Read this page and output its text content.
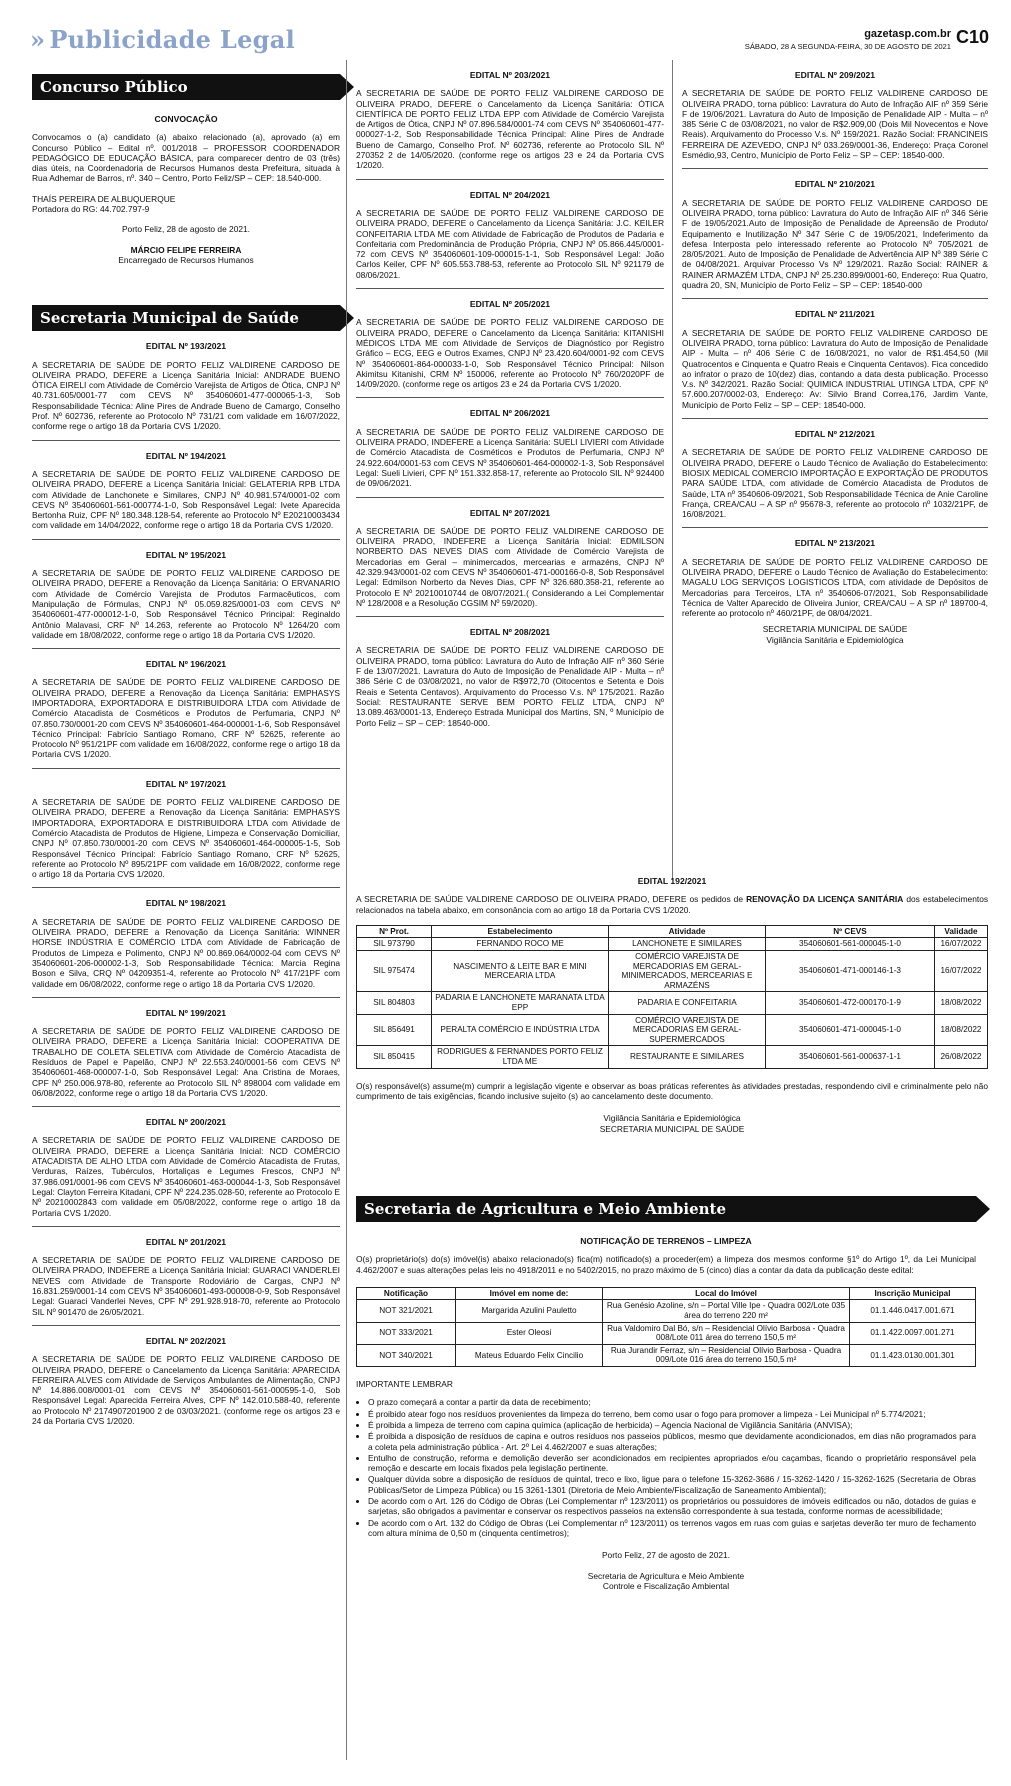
» Publicidade Legal	gazetasp.com.br
SÁBADO, 28 A SEGUNDA-FEIRA, 30 DE AGOSTO DE 2021 C10
Concurso Público
CONVOCAÇÃO
Convocamos o (a) candidato (a) abaixo relacionado (a), aprovado (a) em Concurso Público – Edital nº. 001/2018 – PROFESSOR COORDENADOR PEDAGÓGICO DE EDUCAÇÃO BÁSICA, para comparecer dentro de 03 (três) dias úteis, na Coordenadoria de Recursos Humanos desta Prefeitura, situada à Rua Adhemar de Barros, nº. 340 – Centro, Porto Feliz/SP – CEP: 18.540-000.
THAÍS PEREIRA DE ALBUQUERQUE
Portadora do RG: 44.702.797-9
Porto Feliz, 28 de agosto de 2021.
MÁRCIO FELIPE FERREIRA
Encarregado de Recursos Humanos
Secretaria Municipal de Saúde
EDITAL Nº 193/2021
A SECRETARIA DE SAÚDE DE PORTO FELIZ VALDIRENE CARDOSO DE OLIVEIRA PRADO, DEFERE a Licença Sanitária Inicial: ANDRADE BUENO ÓTICA EIRELI com Atividade de Comércio Varejista de Artigos de Ótica, CNPJ Nº 40.731.605/0001-77 com CEVS Nº 354060601-477-000065-1-3, Sob Responsabilidade Técnica: Aline Pires de Andrade Bueno de Camargo, Conselho Prof. Nº 602736, referente ao Protocolo Nº 731/21 com validade em 16/07/2022, conforme rege o artigo 18 da Portaria CVS 1/2020.
EDITAL Nº 194/2021
A SECRETARIA DE SAÚDE DE PORTO FELIZ VALDIRENE CARDOSO DE OLIVEIRA PRADO, DEFERE a Licença Sanitária Inicial: GELATERIA RPB LTDA com Atividade de Lanchonete e Similares, CNPJ Nº 40.981.574/0001-02 com CEVS Nº 354060601-561-000774-1-0, Sob Responsável Legal: Ivete Aparecida Bertonha Ruiz, CPF Nº 180.348.128-54, referente ao Protocolo Nº E20210003434 com validade em 14/04/2022, conforme rege o artigo 18 da Portaria CVS 1/2020.
EDITAL Nº 195/2021
A SECRETARIA DE SAÚDE DE PORTO FELIZ VALDIRENE CARDOSO DE OLIVEIRA PRADO, DEFERE a Renovação da Licença Sanitária: O ERVANARIO com Atividade de Comércio Varejista de Produtos Farmacêuticos, com Manipulação de Fórmulas, CNPJ Nº 05.059.825/0001-03 com CEVS Nº 354060601-477-000012-1-0, Sob Responsável Técnico Principal: Reginaldo Antônio Malavasi, CRF Nº 14.263, referente ao Protocolo Nº 1264/20 com validade em 18/08/2022, conforme rege o artigo 18 da Portaria CVS 1/2020.
EDITAL Nº 196/2021
A SECRETARIA DE SAÚDE DE PORTO FELIZ VALDIRENE CARDOSO DE OLIVEIRA PRADO, DEFERE a Renovação da Licença Sanitária: EMPHASYS IMPORTADORA, EXPORTADORA E DISTRIBUIDORA LTDA com Atividade de Comércio Atacadista de Cosméticos e Produtos de Perfumaria, CNPJ Nº 07.850.730/0001-20 com CEVS Nº 354060601-464-000001-1-6, Sob Responsável Técnico Principal: Fabrício Santiago Romano, CRF Nº 52625, referente ao Protocolo Nº 951/21PF com validade em 16/08/2022, conforme rege o artigo 18 da Portaria CVS 1/2020.
EDITAL Nº 197/2021
A SECRETARIA DE SAÚDE DE PORTO FELIZ VALDIRENE CARDOSO DE OLIVEIRA PRADO, DEFERE a Renovação da Licença Sanitária: EMPHASYS IMPORTADORA, EXPORTADORA E DISTRIBUIDORA LTDA com Atividade de Comércio Atacadista de Produtos de Higiene, Limpeza e Conservação Domiciliar, CNPJ Nº 07.850.730/0001-20 com CEVS Nº 354060601-464-000005-1-5, Sob Responsável Técnico Principal: Fabrício Santiago Romano, CRF Nº 52625, referente ao Protocolo Nº 895/21PF com validade em 16/08/2022, conforme rege o artigo 18 da Portaria CVS 1/2020.
EDITAL Nº 198/2021
A SECRETARIA DE SAÚDE DE PORTO FELIZ VALDIRENE CARDOSO DE OLIVEIRA PRADO, DEFERE a Renovação da Licença Sanitária: WINNER HORSE INDÚSTRIA E COMÉRCIO LTDA com Atividade de Fabricação de Produtos de Limpeza e Polimento, CNPJ Nº 00.869.064/0002-04 com CEVS Nº 354060601-206-000002-1-3, Sob Responsabilidade Técnica: Marcia Regina Boson e Silva, CRQ Nº 04209351-4, referente ao Protocolo Nº 417/21PF com validade em 06/08/2022, conforme rege o artigo 18 da Portaria CVS 1/2020.
EDITAL Nº 199/2021
A SECRETARIA DE SAÚDE DE PORTO FELIZ VALDIRENE CARDOSO DE OLIVEIRA PRADO, DEFERE a Licença Sanitária Inicial: COOPERATIVA DE TRABALHO DE COLETA SELETIVA com Atividade de Comércio Atacadista de Resíduos de Papel e Papelão, CNPJ Nº 22.553.240/0001-56 com CEVS Nº 354060601-468-000007-1-0, Sob Responsável Legal: Ana Cristina de Moraes, CPF Nº 250.006.978-80, referente ao Protocolo SIL Nº 898004 com validade em 06/08/2022, conforme rege o artigo 18 da Portaria CVS 1/2020.
EDITAL Nº 200/2021
A SECRETARIA DE SAÚDE DE PORTO FELIZ VALDIRENE CARDOSO DE OLIVEIRA PRADO, DEFERE a Licença Sanitária Inicial: NCD COMÉRCIO ATACADISTA DE ALHO LTDA com Atividade de Comércio Atacadista de Frutas, Verduras, Raízes, Tubérculos, Hortaliças e Legumes Frescos, CNPJ Nº 37.986.091/0001-96 com CEVS Nº 354060601-463-000044-1-3, Sob Responsável Legal: Clayton Ferreira Kitadani, CPF Nº 224.235.028-50, referente ao Protocolo E Nº 20210002843 com validade em 05/08/2022, conforme rege o artigo 18 da Portaria CVS 1/2020.
EDITAL Nº 201/2021
A SECRETARIA DE SAÚDE DE PORTO FELIZ VALDIRENE CARDOSO DE OLIVEIRA PRADO, INDEFERE a Licença Sanitária Inicial: GUARACI VANDERLEI NEVES com Atividade de Transporte Rodoviário de Cargas, CNPJ Nº 16.831.259/0001-14 com CEVS Nº 354060601-493-000008-0-9, Sob Responsável Legal: Guaraci Vanderlei Neves, CPF Nº 291.928.918-70, referente ao Protocolo SIL Nº 901470 de 26/05/2021.
EDITAL Nº 202/2021
A SECRETARIA DE SAÚDE DE PORTO FELIZ VALDIRENE CARDOSO DE OLIVEIRA PRADO, DEFERE o Cancelamento da Licença Sanitária: APARECIDA FERREIRA ALVES com Atividade de Serviços Ambulantes de Alimentação, CNPJ Nº 14.886.008/0001-01 com CEVS Nº 354060601-561-000595-1-0, Sob Responsável Legal: Aparecida Ferreira Alves, CPF Nº 142.010.588-40, referente ao Protocolo Nº 2174907201900 2 de 03/03/2021. (conforme rege os artigos 23 e 24 da Portaria CVS 1/2020.
EDITAL Nº 203/2021
A SECRETARIA DE SAÚDE DE PORTO FELIZ VALDIRENE CARDOSO DE OLIVEIRA PRADO, DEFERE o Cancelamento da Licença Sanitária: ÓTICA CIENTÍFICA DE PORTO FELIZ LTDA EPP com Atividade de Comércio Varejista de Artigos de Ótica, CNPJ Nº 07.896.584/0001-74 com CEVS Nº 354060601-477-000027-1-2, Sob Responsabilidade Técnica Principal: Aline Pires de Andrade Bueno de Camargo, Conselho Prof. Nº 602736, referente ao Protocolo SIL Nº 270352 2 de 14/05/2020. (conforme rege os artigos 23 e 24 da Portaria CVS 1/2020.
EDITAL Nº 204/2021
A SECRETARIA DE SAÚDE DE PORTO FELIZ VALDIRENE CARDOSO DE OLIVEIRA PRADO, DEFERE o Cancelamento da Licença Sanitária: J.C. KEILER CONFEITARIA LTDA ME com Atividade de Fabricação de Produtos de Padaria e Confeitaria com Predominância de Produção Própria, CNPJ Nº 05.866.445/0001-72 com CEVS Nº 354060601-109-000015-1-1, Sob Responsável Legal: João Carlos Keiler, CPF Nº 605.553.788-53, referente ao Protocolo SIL Nº 921179 de 08/06/2021.
EDITAL Nº 205/2021
A SECRETARIA DE SAÚDE DE PORTO FELIZ VALDIRENE CARDOSO DE OLIVEIRA PRADO, DEFERE o Cancelamento da Licença Sanitária: KITANISHI MÉDICOS LTDA ME com Atividade de Serviços de Diagnóstico por Registro Gráfico – ECG, EEG e Outros Exames, CNPJ Nº 23.420.604/0001-92 com CEVS Nº 354060601-864-000033-1-0, Sob Responsável Técnico Principal: Nilson Akimitsu Kitanishi, CRM Nº 150006, referente ao Protocolo Nº 760/2020PF de 14/09/2020. (conforme rege os artigos 23 e 24 da Portaria CVS 1/2020.
EDITAL Nº 206/2021
A SECRETARIA DE SAÚDE DE PORTO FELIZ VALDIRENE CARDOSO DE OLIVEIRA PRADO, INDEFERE a Licença Sanitária: SUELI LIVIERI com Atividade de Comércio Atacadista de Cosméticos e Produtos de Perfumaria, CNPJ Nº 24.922.604/0001-53 com CEVS Nº 354060601-464-000002-1-3, Sob Responsável Legal: Sueli Livieri, CPF Nº 151.332.858-17, referente ao Protocolo SIL Nº 924400 de 09/06/2021.
EDITAL Nº 207/2021
A SECRETARIA DE SAÚDE DE PORTO FELIZ VALDIRENE CARDOSO DE OLIVEIRA PRADO, INDEFERE a Licença Sanitária Inicial: EDMILSON NORBERTO DAS NEVES DIAS com Atividade de Comércio Varejista de Mercadorias em Geral – minimercados, mercearias e armazéns, CNPJ Nº 42.329.943/0001-02 com CEVS Nº 354060601-471-000166-0-8, Sob Responsável Legal: Edmilson Norberto da Neves Dias, CPF Nº 326.680.358-21, referente ao Protocolo E Nº 20210010744 de 08/07/2021.( Considerando a Lei Complementar Nº 128/2008 e a Resolução CGSIM Nº 59/2020).
EDITAL Nº 208/2021
A SECRETARIA DE SAÚDE DE PORTO FELIZ VALDIRENE CARDOSO DE OLIVEIRA PRADO, torna público: Lavratura do Auto de Infração AIF nº 360 Série F de 13/07/2021. Lavratura do Auto de Imposição de Penalidade AIP - Multa – nº 386 Série C de 03/08/2021, no valor de R$972,70 (Oitocentos e Setenta e Dois Reais e Setenta Centavos). Arquivamento do Processo V.s. Nº 175/2021. Razão Social: RESTAURANTE SERVE BEM PORTO FELIZ LTDA, CNPJ Nº 13.089.463/0001-13, Endereço Estrada Municipal dos Martins, SN, º Município de Porto Feliz – SP – CEP: 18540-000.
EDITAL Nº 209/2021
A SECRETARIA DE SAÚDE DE PORTO FELIZ VALDIRENE CARDOSO DE OLIVEIRA PRADO, torna público: Lavratura do Auto de Infração AIF nº 359 Série F de 19/06/2021. Lavratura do Auto de Imposição de Penalidade AIP - Multa – nº 385 Série C de 03/08/2021, no valor de R$2.909,00 (Dois Mil Novecentos e Nove Reais). Arquivamento do Processo V.s. Nº 159/2021. Razão Social: FRANCINEIS FERREIRA DE AZEVEDO, CNPJ Nº 033.269/0001-36, Endereço: Praça Coronel Esmédio,93, Centro, Município de Porto Feliz – SP – CEP: 18540-000.
EDITAL Nº 210/2021
A SECRETARIA DE SAÚDE DE PORTO FELIZ VALDIRENE CARDOSO DE OLIVEIRA PRADO, torna público: Lavratura do Auto de Infração AIF nº 346 Série F de 19/05/2021.Auto de Imposição de Penalidade de Apreensão de Produto/ Equipamento e Inutilização Nº 347 Série C de 19/05/2021, Indeferimento da defesa Interposta pelo interessado referente ao Protocolo Nº 705/2021 de 28/05/2021. Auto de Imposição de Penalidade de Advertência AIP Nº 389 Série C de 04/08/2021. Arquivar Processo Vs Nº 129/2021. Razão Social: RAINER & RAINER ARMAZÉM LTDA, CNPJ Nº 25.230.899/0001-60, Endereço: Rua Quatro, quadra 20, SN, Município de Porto Feliz – SP – CEP: 18540-000
EDITAL Nº 211/2021
A SECRETARIA DE SAÚDE DE PORTO FELIZ VALDIRENE CARDOSO DE OLIVEIRA PRADO, torna público: Lavratura do Auto de Imposição de Penalidade AIP - Multa – nº 406 Série C de 16/08/2021, no valor de R$1.454,50 (Mil Quatrocentos e Cinquenta e Quatro Reais e Cinquenta Centavos). Fica concedido ao infrator o prazo de 10(dez) dias, contando a data desta publicação. Processo V.s. Nº 342/2021. Razão Social: QUIMICA INDUSTRIAL UTINGA LTDA, CPF Nº 57.600.207/0002-03, Endereço: Av: Silvio Brand Correa,176, Jardim Vante, Município de Porto Feliz – SP – CEP: 18540-000.
EDITAL Nº 212/2021
A SECRETARIA DE SAÚDE DE PORTO FELIZ VALDIRENE CARDOSO DE OLIVEIRA PRADO, DEFERE o Laudo Técnico de Avaliação do Estabelecimento: BIOSIX MEDICAL COMERCIO IMPORTAÇÃO E EXPORTAÇÃO DE PRODUTOS PARA SAÚDE LTDA, com atividade de Comércio Atacadista de Produtos de Saúde, LTA nº 3540606-09/2021, Sob Responsabilidade Técnica de Anie Caroline França, CREA/CAU – A SP nº 95678-3, referente ao protocolo nº 1032/21PF, de 16/08/2021.
EDITAL Nº 213/2021
A SECRETARIA DE SAÚDE DE PORTO FELIZ VALDIRENE CARDOSO DE OLIVEIRA PRADO, DEFERE o Laudo Técnico de Avaliação do Estabelecimento: MAGALU LOG SERVIÇOS LOGISTICOS LTDA, com atividade de Depósitos de Mercadorias para Terceiros, LTA nº 3540606-07/2021, Sob Responsabilidade Técnica de Valter Aparecido de Oliveira Junior, CREA/CAU – A SP nº 189700-4, referente ao protocolo nº 460/21PF, de 08/04/2021.
SECRETARIA MUNICIPAL DE SAÚDE
Vigilância Sanitária e Epidemiológica
EDITAL 192/2021
A SECRETARIA DE SAÚDE VALDIRENE CARDOSO DE OLIVEIRA PRADO, DEFERE os pedidos de RENOVAÇÃO DA LICENÇA SANITÁRIA dos estabelecimentos relacionados na tabela abaixo, em consonância com ao artigo 18 da Portaria CVS 1/2020.
Nº Prot.	Estabelecimento	Atividade	Nº CEVS	Validade
SIL 973790	FERNANDO ROCO ME	LANCHONETE E SIMILARES	354060601-561-000045-1-0	16/07/2022
SIL 975474	NASCIMENTO & LEITE BAR E MINI MERCEARIA LTDA	COMÉRCIO VAREJISTA DE MERCADORIAS EM GERAL- MINIMERCADOS, MERCEARIAS E ARMAZÉNS	354060601-471-000146-1-3	16/07/2022
SIL 804803	PADARIA E LANCHONETE MARANATA LTDA EPP	PADARIA E CONFEITARIA	354060601-472-000170-1-9	18/08/2022
SIL 856491	PERALTA COMÉRCIO E INDÚSTRIA LTDA	COMÉRCIO VAREJISTA DE MERCADORIAS EM GERAL- SUPERMERCADOS	354060601-471-000045-1-0	18/08/2022
SIL 850415	RODRIGUES & FERNANDES PORTO FELIZ LTDA ME	RESTAURANTE E SIMILARES	354060601-561-000637-1-1	26/08/2022
O(s) responsável(s) assume(m) cumprir a legislação vigente e observar as boas práticas referentes às atividades prestadas, respondendo civil e criminalmente pelo não cumprimento de tais exigências, ficando inclusive sujeito (s) ao cancelamento deste documento.
Vigilância Sanitária e Epidemiológica
SECRETARIA MUNICIPAL DE SAÚDE
Secretaria de Agricultura e Meio Ambiente
NOTIFICAÇÃO DE TERRENOS – LIMPEZA
O(s) proprietário(s) do(s) imóvel(is) abaixo relacionado(s) fica(m) notificado(s) a proceder(em) a limpeza dos mesmos conforme §1º do Artigo 1º, da Lei Municipal 4.462/2007 e suas alterações pelas leis no 4918/2011 e no 5402/2015, no prazo máximo de 5 (cinco) dias a contar da data da publicação deste edital:
Notificação	Imóvel em nome de:	Local do Imóvel	Inscrição Municipal
NOT 321/2021	Margarida Azulini Pauletto	Rua Genésio Azoline, s/n – Portal Ville Ipe - Quadra 002/Lote 035 área do terreno 220 m²	01.1.446.0417.001.671
NOT 333/2021	Ester Oleosi	Rua Valdomiro Dal Bó, s/n – Residencial Olívio Barbosa - Quadra 008/Lote 011 área do terreno 150,5 m²	01.1.422.0097.001.271
NOT 340/2021	Mateus Eduardo Felix Cincilio	Rua Jurandir Ferraz, s/n – Residencial Olívio Barbosa - Quadra 009/Lote 016 área do terreno 150,5 m²	01.1.423.0130.001.301
IMPORTANTE LEMBRAR
• O prazo começará a contar a partir da data de recebimento;
• É proibido atear fogo nos resíduos provenientes da limpeza do terreno, bem como usar o fogo para promover a limpeza - Lei Municipal nº 5.774/2021;
• É proibida a limpeza de terreno com capina química (aplicação de herbicida) – Agencia Nacional de Vigilância Sanitária (ANVISA);
• É proibida a disposição de resíduos de capina e outros resíduos nos passeios públicos, mesmo que devidamente acondicionados, em dias não programados para a coleta pela administração pública - Art. 2º Lei 4.462/2007 e suas alterações;
• Entulho de construção, reforma e demolição deverão ser acondicionados em recipientes apropriados e/ou caçambas, ficando o proprietário responsável pela remoção e descarte em locais fixados pela legislação pertinente.
• Qualquer dúvida sobre a disposição de resíduos de quintal, treco e lixo, ligue para o telefone 15-3262-3686 / 15-3262-1420 / 15-3262-1625 (Secretaria de Obras Públicas/Setor de Limpeza Pública) ou 15 3261-1301 (Diretoria de Meio Ambiente/Fiscalização de Saneamento Ambiental);
• De acordo com o Art. 126 do Código de Obras (Lei Complementar nº 123/2011) os proprietários ou possuidores de imóveis edificados ou não, dotados de guias e sarjetas, são obrigados a pavimentar e conservar os respectivos passeios na extensão correspondente à sua testada, conforme normas de acessibilidade;
• De acordo com o Art. 132 do Código de Obras (Lei Complementar nº 123/2011) os terrenos vagos em ruas com guias e sarjetas deverão ter muro de fechamento com altura mínima de 0,50 m (cinquenta centímetros);
Porto Feliz, 27 de agosto de 2021.
Secretaria de Agricultura e Meio Ambiente
Controle e Fiscalização Ambiental
